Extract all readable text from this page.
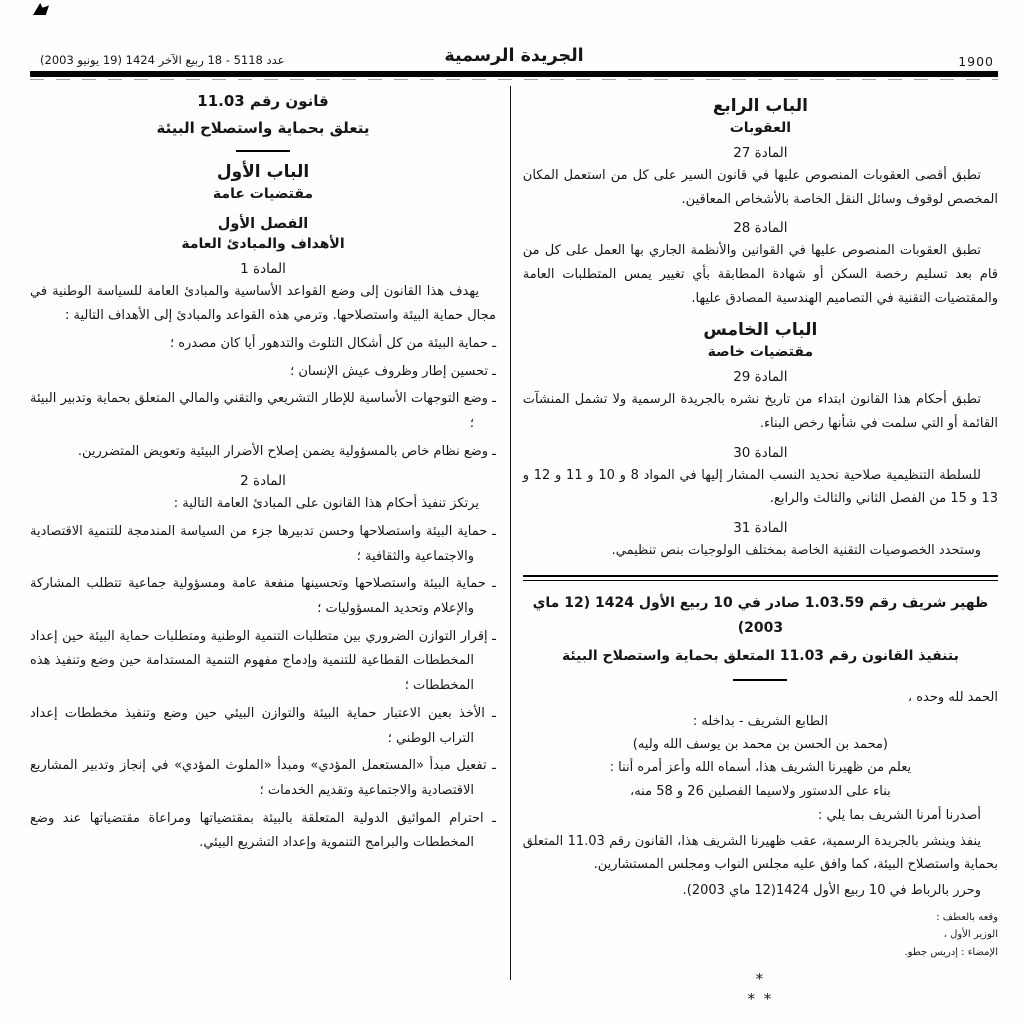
عدد 5118 - 18 ربيع الآخر 1424 (19 يونيو 2003)	الجريدة الرسمية	1900
قانون رقم 11.03
يتعلق بحماية واستصلاح البيئة
الباب الأول
مقتضيات عامة
الفصل الأول
الأهداف والمبادئ العامة
المادة 1

يهدف هذا القانون إلى وضع القواعد الأساسية والمبادئ العامة للسياسة الوطنية في مجال حماية البيئة واستصلاحها. وترمي هذه القواعد والمبادئ إلى الأهداف التالية :

ـ حماية البيئة من كل أشكال التلوث والتدهور أيا كان مصدره ؛
ـ تحسين إطار وظروف عيش الإنسان ؛
ـ وضع التوجهات الأساسية للإطار التشريعي والتقني والمالي المتعلق بحماية وتدبير البيئة ؛
ـ وضع نظام خاص بالمسؤولية يضمن إصلاح الأضرار البيئية وتعويض المتضررين.
المادة 2

يرتكز تنفيذ أحكام هذا القانون على المبادئ العامة التالية :

ـ حماية البيئة واستصلاحها وحسن تدبيرها جزء من السياسة المندمجة للتنمية الاقتصادية والاجتماعية والثقافية ؛
ـ حماية البيئة واستصلاحها وتحسينها منفعة عامة ومسؤولية جماعية تتطلب المشاركة والإعلام وتحديد المسؤوليات ؛
ـ إقرار التوازن الضروري بين متطلبات التنمية الوطنية ومتطلبات حماية البيئة حين إعداد المخططات القطاعية للتنمية وإدماج مفهوم التنمية المستدامة حين وضع وتنفيذ هذه المخططات ؛
ـ الأخذ بعين الاعتبار حماية البيئة والتوازن البيئي حين وضع وتنفيذ مخططات إعداد التراب الوطني ؛
ـ تفعيل مبدأ «المستعمل المؤدي» ومبدأ «الملوث المؤدي» في إنجاز وتدبير المشاريع الاقتصادية والاجتماعية وتقديم الخدمات ؛
ـ احترام المواثيق الدولية المتعلقة بالبيئة بمقتضياتها ومراعاة مقتضياتها عند وضع المخططات والبرامج التنموية وإعداد التشريع البيئي.
الباب الرابع
العقوبات
المادة 27

تطبق أقصى العقوبات المنصوص عليها في قانون السير على كل من استعمل المكان المخصص لوقوف وسائل النقل الخاصة بالأشخاص المعاقين.

المادة 28

تطبق العقوبات المنصوص عليها في القوانين والأنظمة الجاري بها العمل على كل من قام بعد تسليم رخصة السكن أو شهادة المطابقة بأي تغيير يمس المتطلبات العامة والمقتضيات التقنية في التصاميم الهندسية المصادق عليها.

الباب الخامس
مقتضيات خاصة
المادة 29

تطبق أحكام هذا القانون ابتداء من تاريخ نشره بالجريدة الرسمية ولا تشمل المنشآت القائمة أو التي سلمت في شأنها رخص البناء.

المادة 30

للسلطة التنظيمية صلاحية تحديد النسب المشار إليها في المواد 8 و 10 و 11 و 12 و 13 و 15 من الفصل الثاني والثالث والرابع.

المادة 31

وستحدد الخصوصيات التقنية الخاصة بمختلف الولوجيات بنص تنظيمي.

ظهير شريف رقم 1.03.59 صادر في 10 ربيع الأول 1424 (12 ماي 2003)
بتنفيذ القانون رقم 11.03 المتعلق بحماية واستصلاح البيئة
الحمد لله وحده ،
الطابع الشريف - بداخله :
(محمد بن الحسن بن محمد بن يوسف الله وليه)
يعلم من ظهيرنا الشريف هذا، أسماه الله وأعز أمره أننا :
بناء على الدستور ولاسيما الفصلين 26 و 58 منه،

أصدرنا أمرنا الشريف بما يلي :

ينفذ وينشر بالجريدة الرسمية، عقب ظهيرنا الشريف هذا، القانون رقم 11.03 المتعلق بحماية واستصلاح البيئة، كما وافق عليه مجلس النواب ومجلس المستشارين.

وحرر بالرباط في 10 ربيع الأول 1424(12 ماي 2003).

وقعه بالعطف :
الوزير الأول ،
الإمضاء : إدريس جطو.
*
* *
